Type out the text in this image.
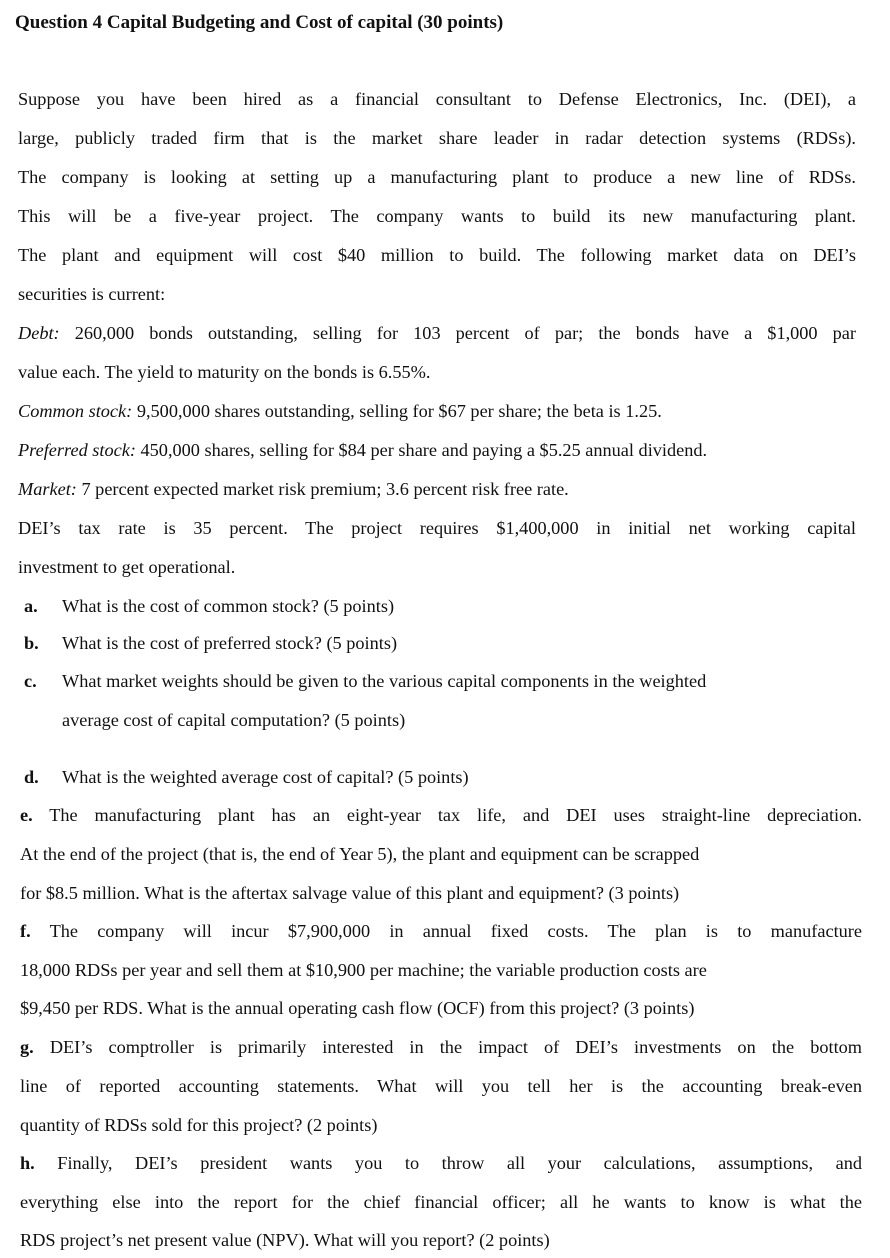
Question 4 Capital Budgeting and Cost of capital (30 points)
Suppose you have been hired as a financial consultant to Defense Electronics, Inc. (DEI), a
large, publicly traded firm that is the market share leader in radar detection systems (RDSs).
The company is looking at setting up a manufacturing plant to produce a new line of RDSs.
This will be a five-year project. The company wants to build its new manufacturing plant.
The plant and equipment will cost $40 million to build. The following market data on DEI’s
securities is current:
Debt: 260,000 bonds outstanding, selling for 103 percent of par; the bonds have a $1,000 par
value each. The yield to maturity on the bonds is 6.55%.
Common stock: 9,500,000 shares outstanding, selling for $67 per share; the beta is 1.25.
Preferred stock: 450,000 shares, selling for $84 per share and paying a $5.25 annual dividend.
Market: 7 percent expected market risk premium; 3.6 percent risk free rate.
DEI’s tax rate is 35 percent. The project requires $1,400,000 in initial net working capital
investment to get operational.
a. What is the cost of common stock? (5 points)
b. What is the cost of preferred stock? (5 points)
c. What market weights should be given to the various capital components in the weighted
average cost of capital computation? (5 points)
d. What is the weighted average cost of capital? (5 points)
e. The manufacturing plant has an eight-year tax life, and DEI uses straight-line depreciation.
At the end of the project (that is, the end of Year 5), the plant and equipment can be scrapped
for $8.5 million. What is the aftertax salvage value of this plant and equipment? (3 points)
f. The company will incur $7,900,000 in annual fixed costs. The plan is to manufacture
18,000 RDSs per year and sell them at $10,900 per machine; the variable production costs are
$9,450 per RDS. What is the annual operating cash flow (OCF) from this project? (3 points)
g. DEI’s comptroller is primarily interested in the impact of DEI’s investments on the bottom
line of reported accounting statements. What will you tell her is the accounting break-even
quantity of RDSs sold for this project? (2 points)
h. Finally, DEI’s president wants you to throw all your calculations, assumptions, and
everything else into the report for the chief financial officer; all he wants to know is what the
RDS project’s net present value (NPV). What will you report? (2 points)
